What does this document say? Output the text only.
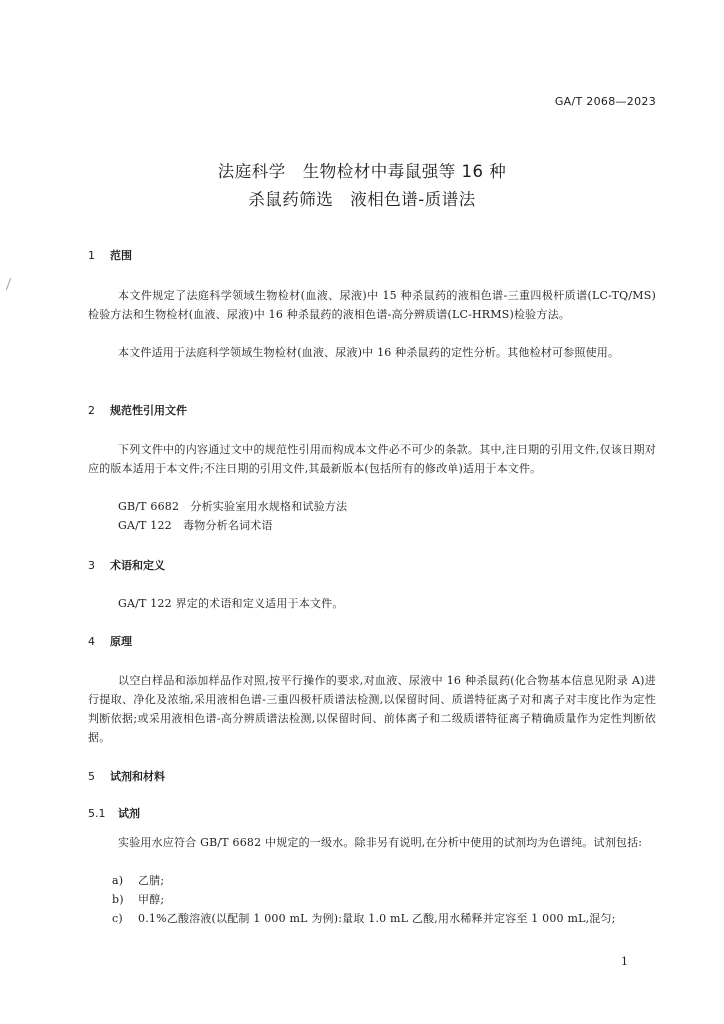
GA/T 2068—2023
法庭科学　生物检材中毒鼠强等 16 种
杀鼠药筛选　液相色谱-质谱法
1 范围
本文件规定了法庭科学领域生物检材(血液、尿液)中 15 种杀鼠药的液相色谱-三重四极杆质谱(LC-TQ/MS)检验方法和生物检材(血液、尿液)中 16 种杀鼠药的液相色谱-高分辨质谱(LC-HRMS)检验方法。
本文件适用于法庭科学领域生物检材(血液、尿液)中 16 种杀鼠药的定性分析。其他检材可参照使用。
2 规范性引用文件
下列文件中的内容通过文中的规范性引用而构成本文件必不可少的条款。其中,注日期的引用文件,仅该日期对应的版本适用于本文件;不注日期的引用文件,其最新版本(包括所有的修改单)适用于本文件。
GB/T 6682　分析实验室用水规格和试验方法
GA/T 122　毒物分析名词术语
3 术语和定义
GA/T 122 界定的术语和定义适用于本文件。
4 原理
以空白样品和添加样品作对照,按平行操作的要求,对血液、尿液中 16 种杀鼠药(化合物基本信息见附录 A)进行提取、净化及浓缩,采用液相色谱-三重四极杆质谱法检测,以保留时间、质谱特征离子对和离子对丰度比作为定性判断依据;或采用液相色谱-高分辨质谱法检测,以保留时间、前体离子和二级质谱特征离子精确质量作为定性判断依据。
5 试剂和材料
5.1 试剂
实验用水应符合 GB/T 6682 中规定的一级水。除非另有说明,在分析中使用的试剂均为色谱纯。试剂包括:
a) 乙腈;
b) 甲醇;
c) 0.1%乙酸溶液(以配制 1 000 mL 为例):量取 1.0 mL 乙酸,用水稀释并定容至 1 000 mL,混匀;
1
